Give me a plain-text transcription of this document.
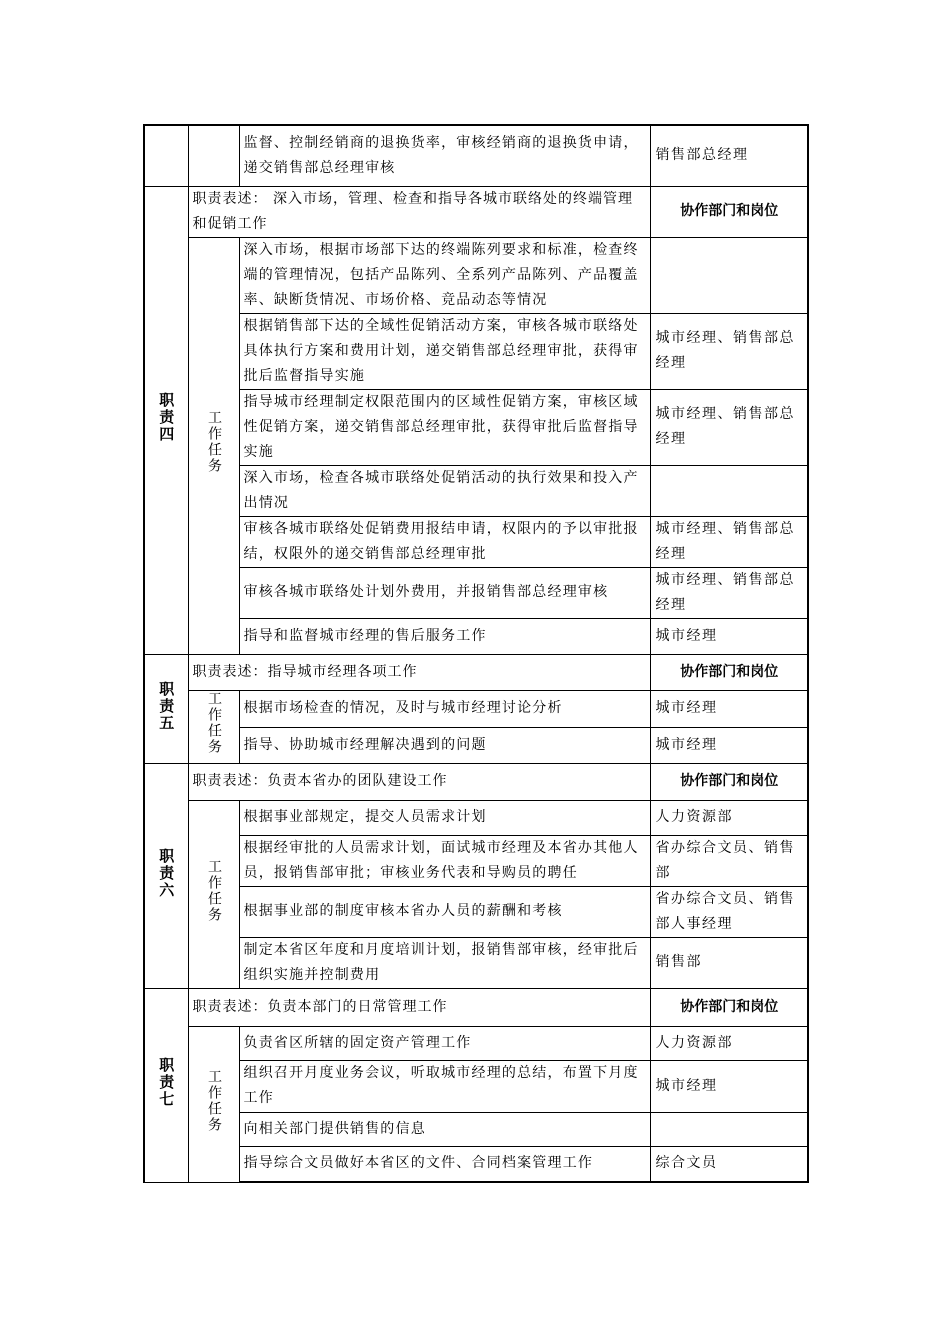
		监督、控制经销商的退换货率，审核经销商的退换货申请，递交销售部总经理审核	销售部总经理
职责四	职责表述： 深入市场，管理、检查和指导各城市联络处的终端管理和促销工作		协作部门和岗位
	工作任务	深入市场，根据市场部下达的终端陈列要求和标准，检查终端的管理情况，包括产品陈列、全系列产品陈列、产品覆盖率、缺断货情况、市场价格、竞品动态等情况	
		根据销售部下达的全域性促销活动方案，审核各城市联络处具体执行方案和费用计划，递交销售部总经理审批，获得审批后监督指导实施	城市经理、销售部总经理
		指导城市经理制定权限范围内的区域性促销方案，审核区域性促销方案，递交销售部总经理审批，获得审批后监督指导实施	城市经理、销售部总经理
		深入市场，检查各城市联络处促销活动的执行效果和投入产出情况	
		审核各城市联络处促销费用报结申请，权限内的予以审批报结，权限外的递交销售部总经理审批	城市经理、销售部总经理
		审核各城市联络处计划外费用，并报销售部总经理审核	城市经理、销售部总经理
		指导和监督城市经理的售后服务工作	城市经理
职责五	职责表述：指导城市经理各项工作		协作部门和岗位
	工作任务	根据市场检查的情况，及时与城市经理讨论分析	城市经理
		指导、协助城市经理解决遇到的问题	城市经理
职责六	职责表述：负责本省办的团队建设工作		协作部门和岗位
	工作任务	根据事业部规定，提交人员需求计划	人力资源部
		根据经审批的人员需求计划，面试城市经理及本省办其他人员，报销售部审批；审核业务代表和导购员的聘任	省办综合文员、销售部
		根据事业部的制度审核本省办人员的薪酬和考核	省办综合文员、销售部人事经理
		制定本省区年度和月度培训计划，报销售部审核，经审批后组织实施并控制费用	销售部
职责七	职责表述：负责本部门的日常管理工作		协作部门和岗位
	工作任务	负责省区所辖的固定资产管理工作	人力资源部
		组织召开月度业务会议，听取城市经理的总结，布置下月度工作	城市经理
		向相关部门提供销售的信息	
		指导综合文员做好本省区的文件、合同档案管理工作	综合文员
